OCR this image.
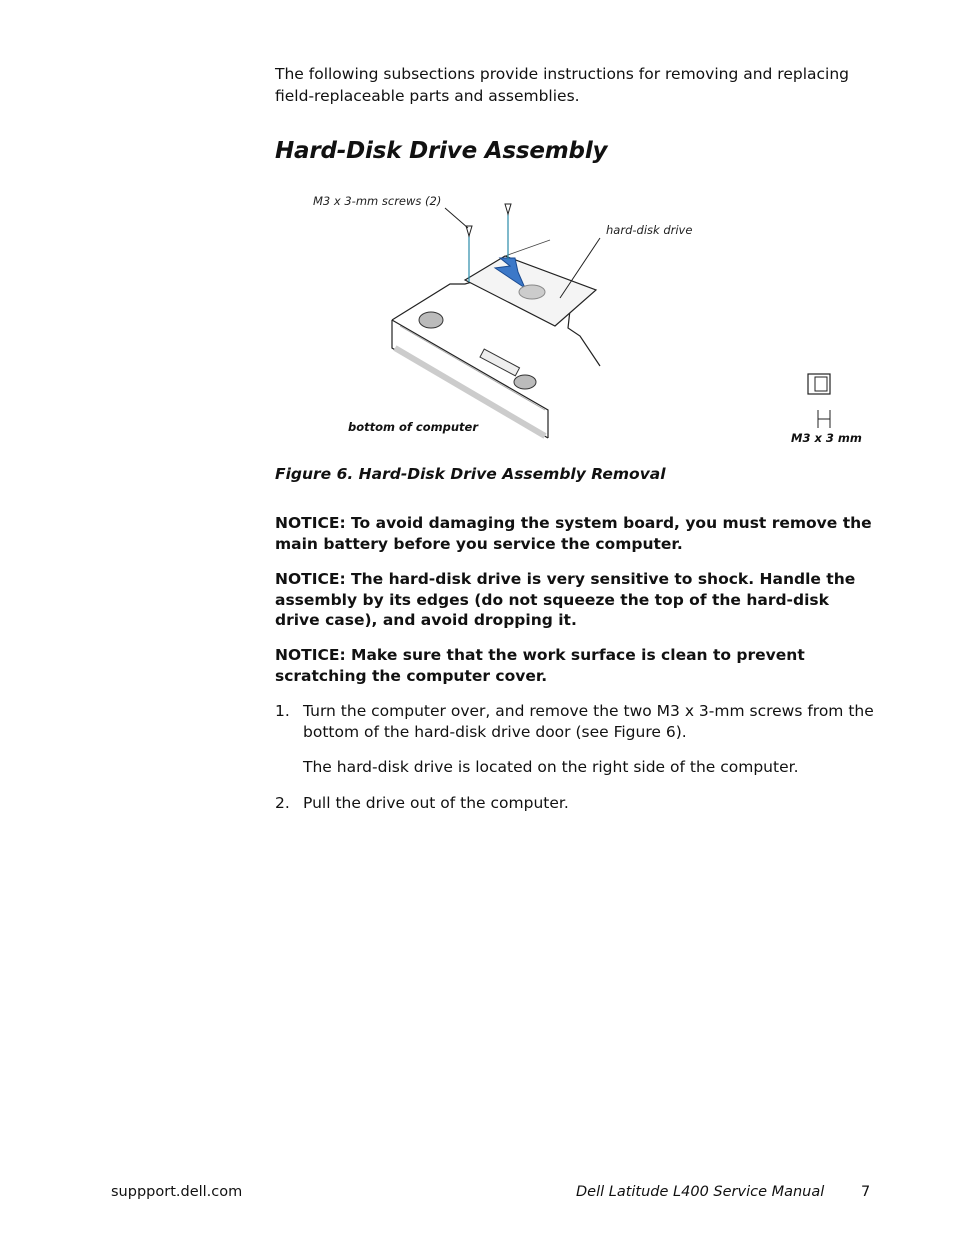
The following subsections provide instructions for removing and replacing field-replaceable parts and assemblies.
Hard-Disk Drive Assembly
M3 x 3-mm screws (2)
hard-disk drive
bottom of computer
M3 x 3 mm
Figure 6. Hard-Disk Drive Assembly Removal
NOTICE: To avoid damaging the system board, you must remove the main battery before you service the computer.
NOTICE: The hard-disk drive is very sensitive to shock. Handle the assembly by its edges (do not squeeze the top of the hard-disk drive case), and avoid dropping it.
NOTICE: Make sure that the work surface is clean to prevent scratching the computer cover.
1. Turn the computer over, and remove the two M3 x 3-mm screws from the bottom of the hard-disk drive door (see Figure 6).
The hard-disk drive is located on the right side of the computer.
2. Pull the drive out of the computer.
suppport.dell.com	Dell Latitude L400 Service Manual	7
